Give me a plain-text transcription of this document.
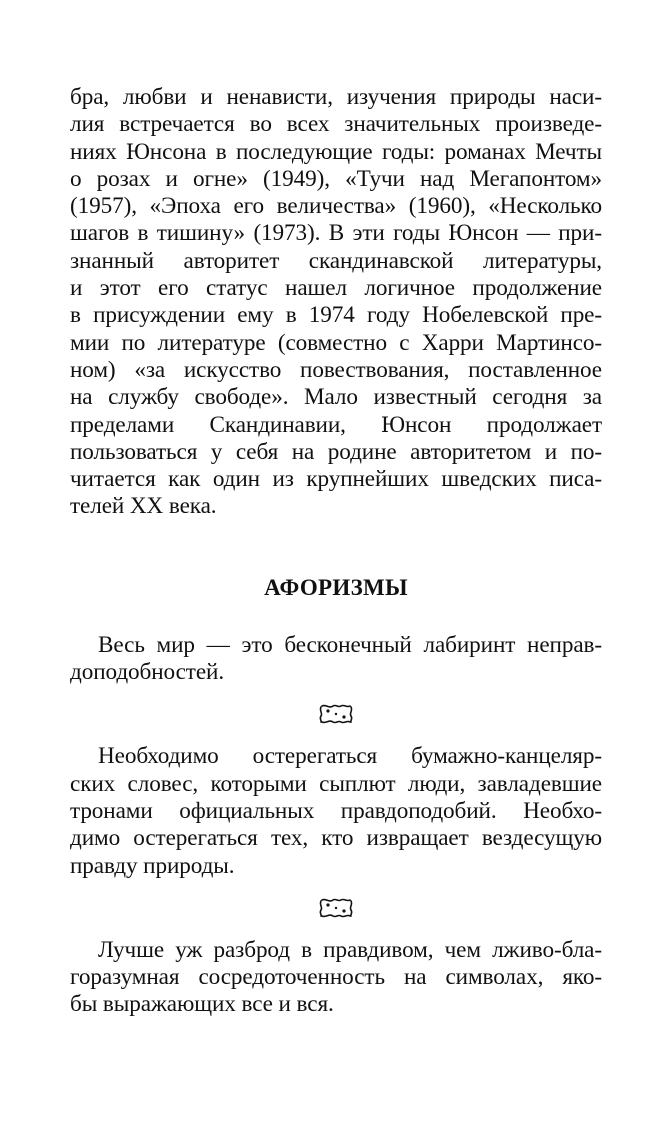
бра, любви и ненависти, изучения природы наси-
лия встречается во всех значительных произведе-
ниях Юнсона в последующие годы: романах Мечты
о розах и огне» (1949), «Тучи над Мегапонтом»
(1957), «Эпоха его величества» (1960), «Несколько
шагов в тишину» (1973). В эти годы Юнсон — при-
знанный авторитет скандинавской литературы,
и этот его статус нашел логичное продолжение
в присуждении ему в 1974 году Нобелевской пре-
мии по литературе (совместно с Харри Мартинсо-
ном) «за искусство повествования, поставленное
на службу свободе». Мало известный сегодня за
пределами Скандинавии, Юнсон продолжает
пользоваться у себя на родине авторитетом и по-
читается как один из крупнейших шведских писа-
телей XX века.
АФОРИЗМЫ
Весь мир — это бесконечный лабиринт неправ-
доподобностей.
Необходимо остерегаться бумажно-канцеляр-
ских словес, которыми сыплют люди, завладевшие
тронами официальных правдоподобий. Необхо-
димо остерегаться тех, кто извращает вездесущую
правду природы.
Лучше уж разброд в правдивом, чем лживо-бла-
горазумная сосредоточенность на символах, яко-
бы выражающих все и вся.
